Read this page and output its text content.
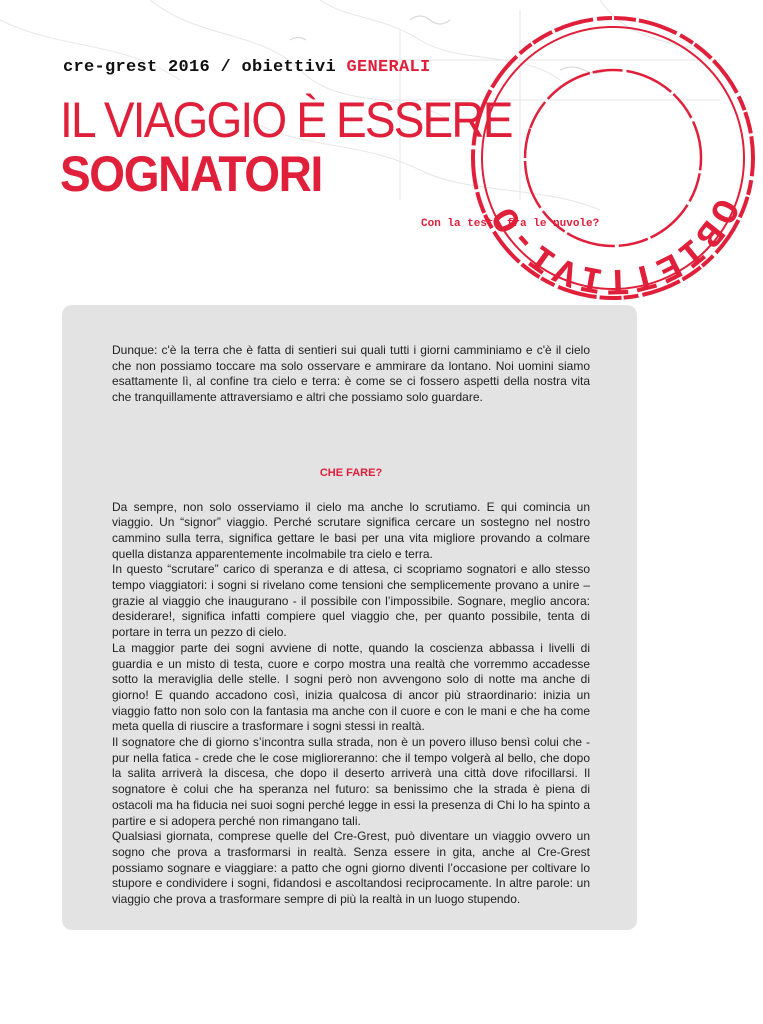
OBIETTIVI-O
cre-grest 2016 / obiettivi GENERALI
IL VIAGGIO È ESSERE
SOGNATORI
Con la testa fra le nuvole?

Dunque: c'è la terra che è fatta di sentieri sui quali tutti i giorni camminiamo e c'è il cielo che non possiamo toccare ma solo osservare e ammirare da lontano. Noi uomini siamo esattamente lì, al confine tra cielo e terra: è come se ci fossero aspetti della nostra vita che tranquillamente attraversiamo e altri che possiamo solo guardare.

CHE FARE?

Da sempre, non solo osserviamo il cielo ma anche lo scrutiamo. E qui comincia un viaggio. Un “signor” viaggio. Perché scrutare significa cercare un sostegno nel nostro cammino sulla terra, significa gettare le basi per una vita migliore provando a colmare quella distanza apparentemente incolmabile tra cielo e terra.

In questo “scrutare” carico di speranza e di attesa, ci scopriamo sognatori e allo stesso tempo viaggiatori: i sogni si rivelano come tensioni che semplicemente provano a unire – grazie al viaggio che inaugurano - il possibile con l’impossibile. Sognare, meglio ancora: desiderare!, significa infatti compiere quel viaggio che, per quanto possibile, tenta di portare in terra un pezzo di cielo.

La maggior parte dei sogni avviene di notte, quando la coscienza abbassa i livelli di guardia e un misto di testa, cuore e corpo mostra una realtà che vorremmo accadesse sotto la meraviglia delle stelle. I sogni però non avvengono solo di notte ma anche di giorno! E quando accadono così, inizia qualcosa di ancor più straordinario: inizia un viaggio fatto non solo con la fantasia ma anche con il cuore e con le mani e che ha come meta quella di riuscire a trasformare i sogni stessi in realtà.

Il sognatore che di giorno s’incontra sulla strada, non è un povero illuso bensì colui che - pur nella fatica - crede che le cose miglioreranno: che il tempo volgerà al bello, che dopo la salita arriverà la discesa, che dopo il deserto arriverà una città dove rifocillarsi. Il sognatore è colui che ha speranza nel futuro: sa benissimo che la strada è piena di ostacoli ma ha fiducia nei suoi sogni perché legge in essi la presenza di Chi lo ha spinto a partire e si adopera perché non rimangano tali.

Qualsiasi giornata, comprese quelle del Cre-Grest, può diventare un viaggio ovvero un sogno che prova a trasformarsi in realtà. Senza essere in gita, anche al Cre-Grest possiamo sognare e viaggiare: a patto che ogni giorno diventi l’occasione per coltivare lo stupore e condividere i sogni, fidandosi e ascoltandosi reciprocamente. In altre parole: un viaggio che prova a trasformare sempre di più la realtà in un luogo stupendo.
